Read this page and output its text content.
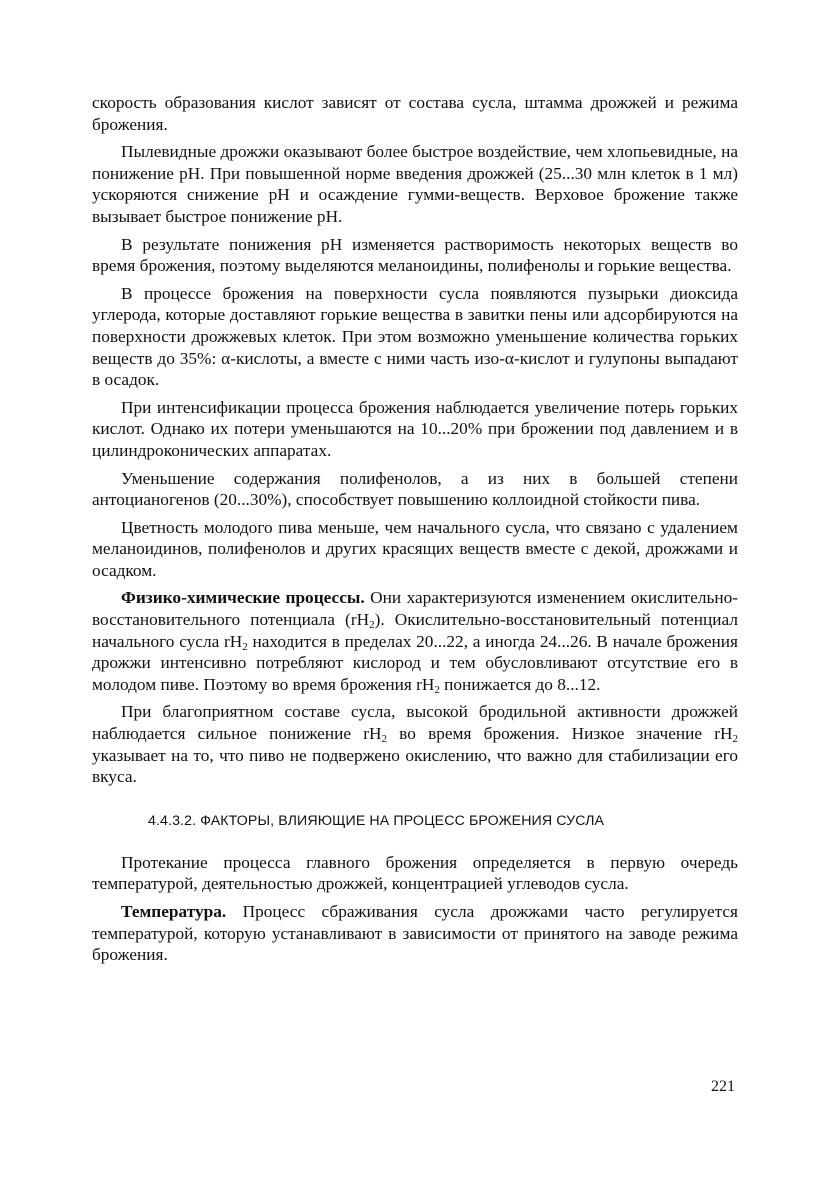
скорость образования кислот зависят от состава сусла, штамма дрожжей и режима брожения.

Пылевидные дрожжи оказывают более быстрое воздействие, чем хлопьевидные, на понижение pH. При повышенной норме введения дрожжей (25...30 млн клеток в 1 мл) ускоряются снижение pH и осаждение гумми-веществ. Верховое брожение также вызывает быстрое понижение pH.

В результате понижения pH изменяется растворимость некоторых веществ во время брожения, поэтому выделяются меланоидины, полифенолы и горькие вещества.

В процессе брожения на поверхности сусла появляются пузырьки диоксида углерода, которые доставляют горькие вещества в завитки пены или адсорбируются на поверхности дрожжевых клеток. При этом возможно уменьшение количества горьких веществ до 35%: α-кислоты, а вместе с ними часть изо-α-кислот и гулупоны выпадают в осадок.

При интенсификации процесса брожения наблюдается увеличение потерь горьких кислот. Однако их потери уменьшаются на 10...20% при брожении под давлением и в цилиндроконических аппаратах.

Уменьшение содержания полифенолов, а из них в большей степени антоцианогенов (20...30%), способствует повышению коллоидной стойкости пива.

Цветность молодого пива меньше, чем начального сусла, что связано с удалением меланоидинов, полифенолов и других красящих веществ вместе с декой, дрожжами и осадком.

Физико-химические процессы. Они характеризуются изменением окислительно-восстановительного потенциала $(rH_2)$. Окислительно-восстановительный потенциал начального сусла $rH_2$ находится в пределах 20...22, а иногда 24...26. В начале брожения дрожжи интенсивно потребляют кислород и тем обусловливают отсутствие его в молодом пиве. Поэтому во время брожения $rH_2$ понижается до 8...12.

При благоприятном составе сусла, высокой бродильной активности дрожжей наблюдается сильное понижение $rH_2$ во время брожения. Низкое значение $rH_2$ указывает на то, что пиво не подвержено окислению, что важно для стабилизации его вкуса.

4.4.3.2. ФАКТОРЫ, ВЛИЯЮЩИЕ НА ПРОЦЕСС БРОЖЕНИЯ СУСЛА

Протекание процесса главного брожения определяется в первую очередь температурой, деятельностью дрожжей, концентрацией углеводов сусла.

Температура. Процесс сбраживания сусла дрожжами часто регулируется температурой, которую устанавливают в зависимости от принятого на заводе режима брожения.

221
